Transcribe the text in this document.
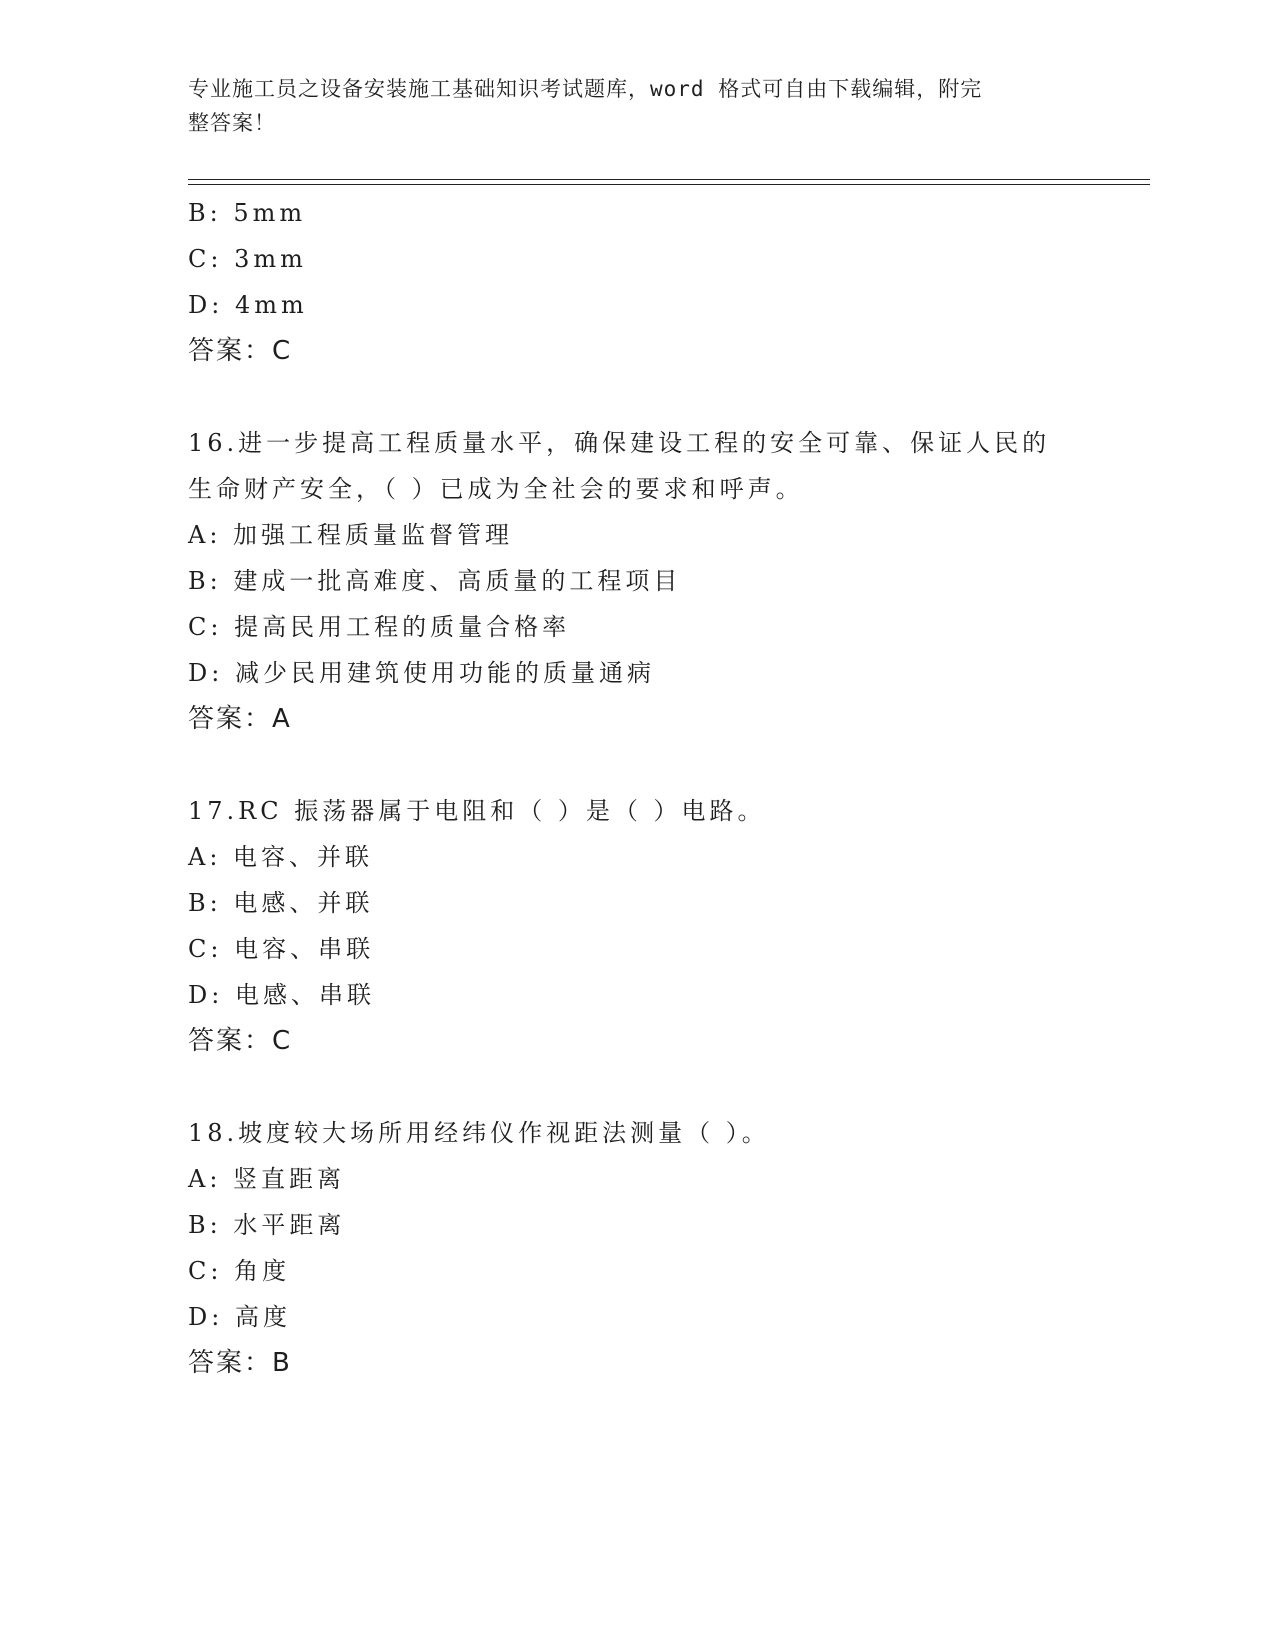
专业施工员之设备安装施工基础知识考试题库，word 格式可自由下载编辑，附完
整答案！
B: 5mm
C: 3mm
D: 4mm
答案：C
16.进一步提高工程质量水平，确保建设工程的安全可靠、保证人民的
生命财产安全，（ ）已成为全社会的要求和呼声。
A: 加强工程质量监督管理
B: 建成一批高难度、高质量的工程项目
C: 提高民用工程的质量合格率
D: 减少民用建筑使用功能的质量通病
答案：A
17.RC 振荡器属于电阻和（ ）是（ ）电路。
A: 电容、并联
B: 电感、并联
C: 电容、串联
D: 电感、串联
答案：C
18.坡度较大场所用经纬仪作视距法测量（ ）。
A: 竖直距离
B: 水平距离
C: 角度
D: 高度
答案：B
